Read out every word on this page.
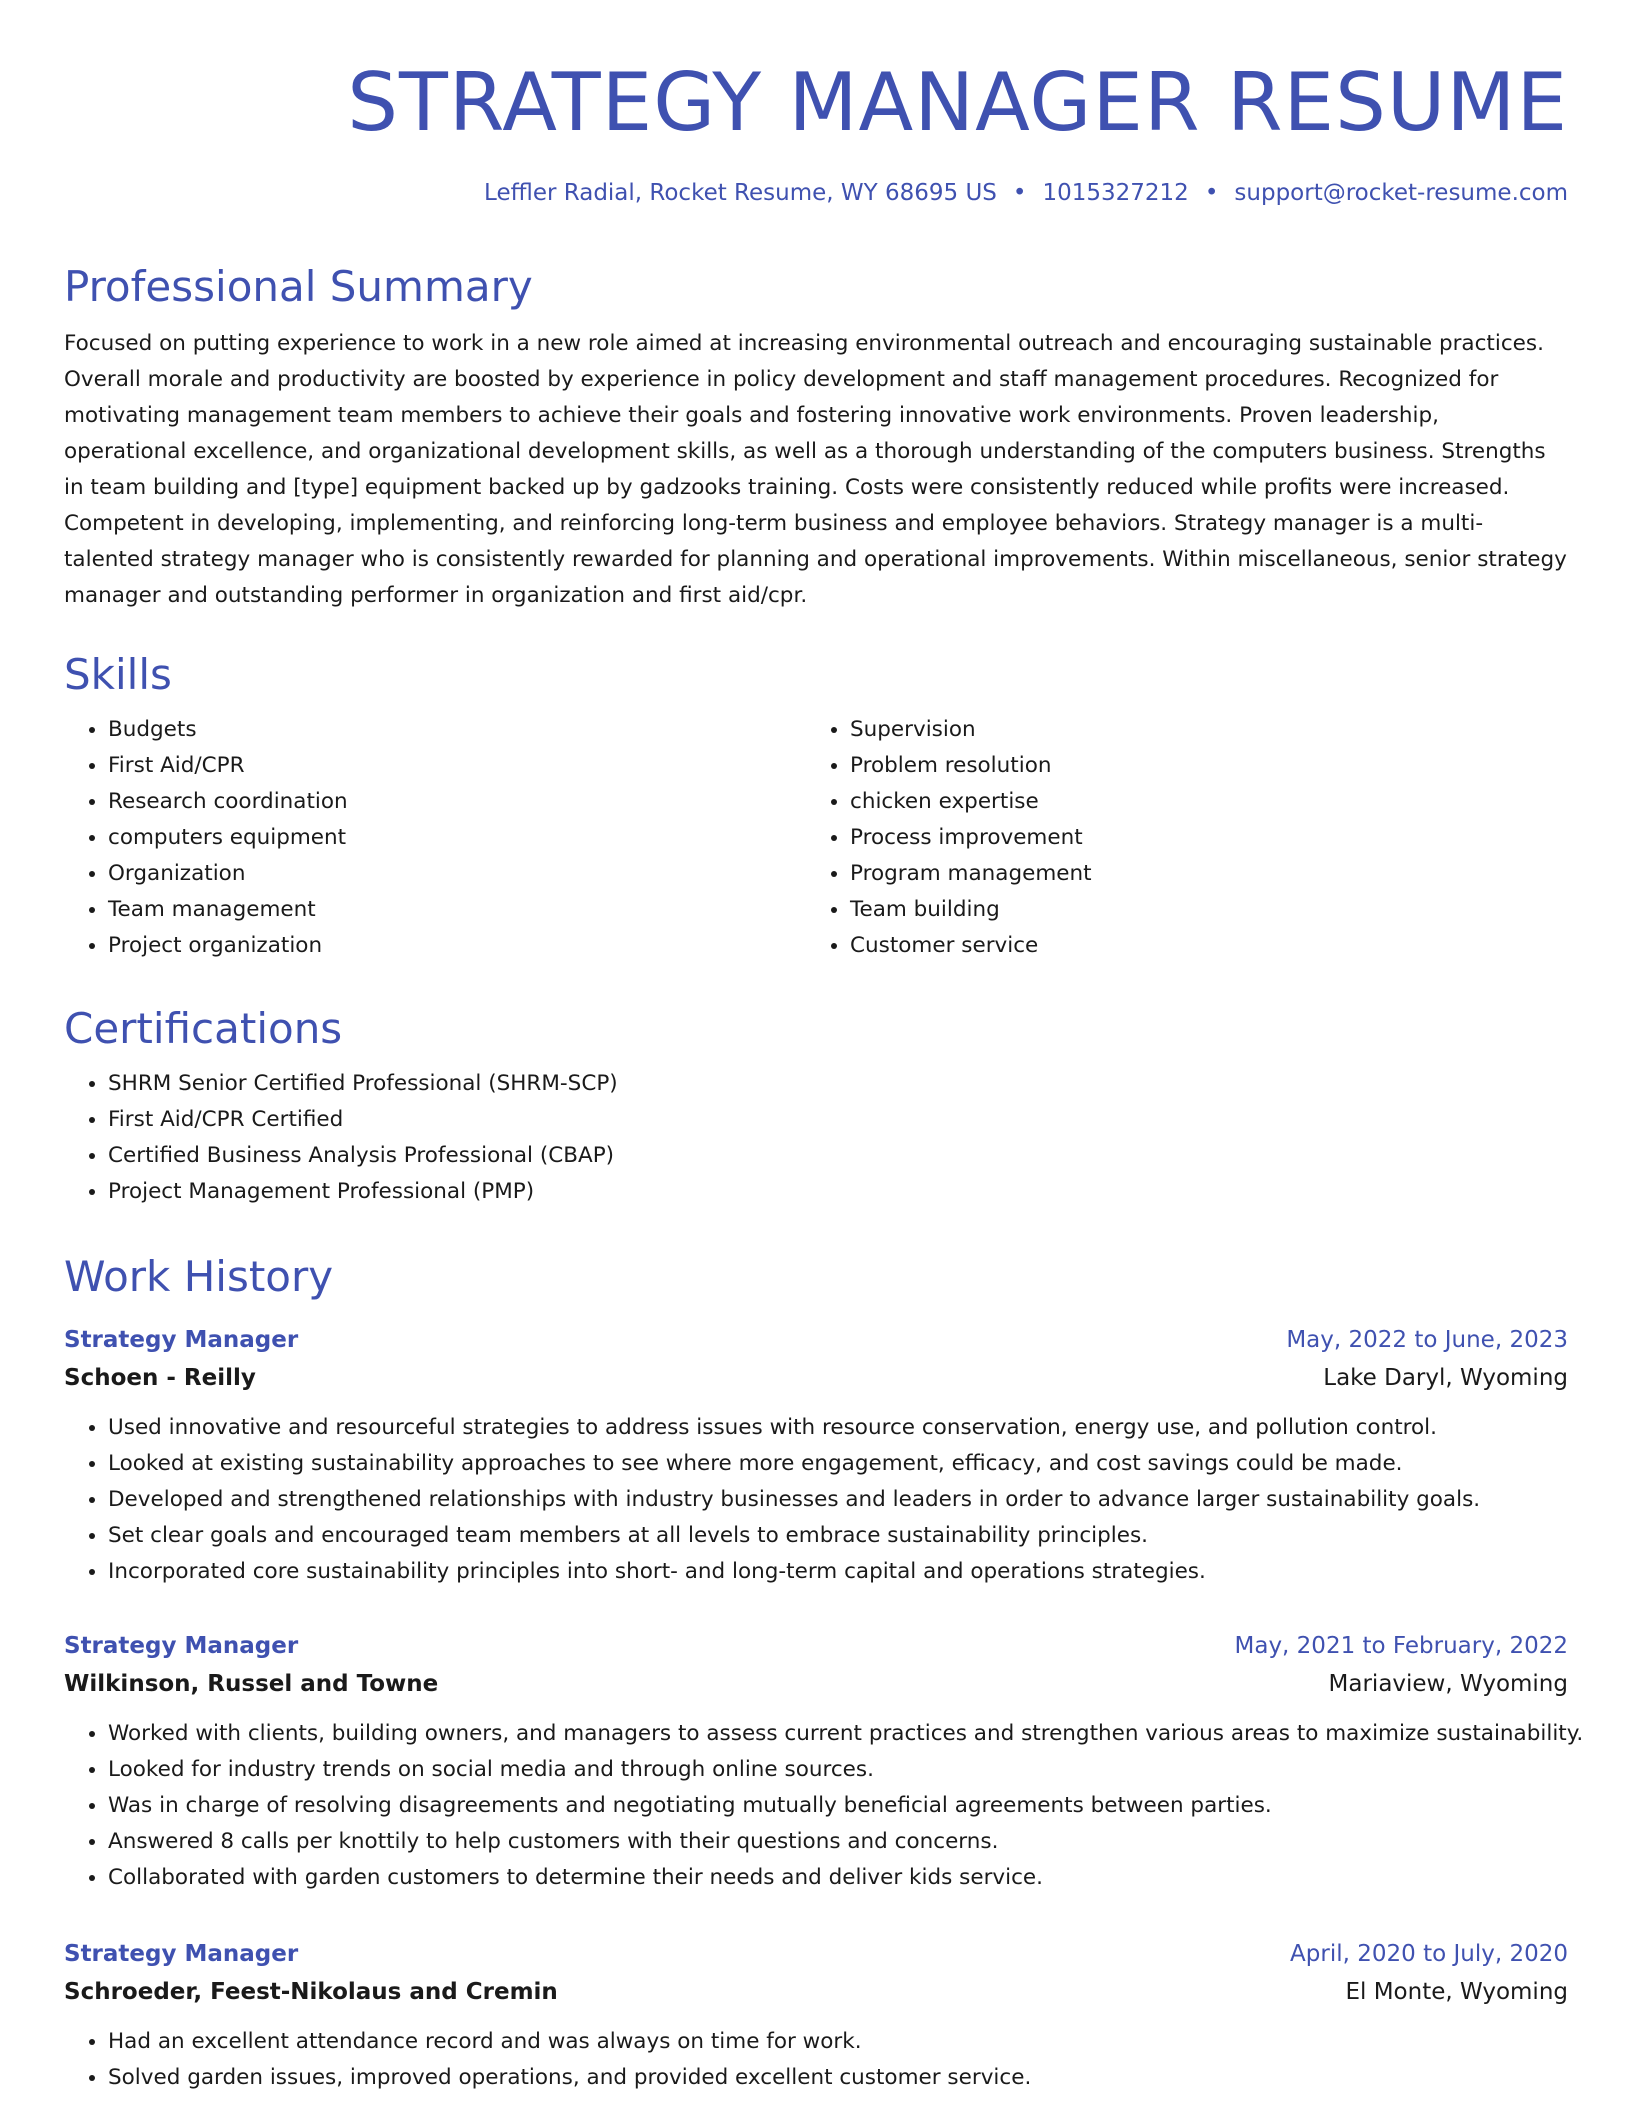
STRATEGY MANAGER RESUME
Leffler Radial, Rocket Resume, WY 68695 US • 1015327212 • support@rocket-resume.com
Professional Summary

Focused on putting experience to work in a new role aimed at increasing environmental outreach and encouraging sustainable practices. Overall morale and productivity are boosted by experience in policy development and staff management procedures. Recognized for motivating management team members to achieve their goals and fostering innovative work environments. Proven leadership, operational excellence, and organizational development skills, as well as a thorough understanding of the computers business. Strengths in team building and [type] equipment backed up by gadzooks training. Costs were consistently reduced while profits were increased. Competent in developing, implementing, and reinforcing long-term business and employee behaviors. Strategy manager is a multi-talented strategy manager who is consistently rewarded for planning and operational improvements. Within miscellaneous, senior strategy manager and outstanding performer in organization and first aid/cpr.

Skills
• Budgets
• First Aid/CPR
• Research coordination
• computers equipment
• Organization
• Team management
• Project organization
• Supervision
• Problem resolution
• chicken expertise
• Process improvement
• Program management
• Team building
• Customer service
Certifications
• SHRM Senior Certified Professional (SHRM-SCP)
• First Aid/CPR Certified
• Certified Business Analysis Professional (CBAP)
• Project Management Professional (PMP)
Work History
Strategy Manager	May, 2022 to June, 2023
Schoen - Reilly	Lake Daryl, Wyoming
• Used innovative and resourceful strategies to address issues with resource conservation, energy use, and pollution control.
• Looked at existing sustainability approaches to see where more engagement, efficacy, and cost savings could be made.
• Developed and strengthened relationships with industry businesses and leaders in order to advance larger sustainability goals.
• Set clear goals and encouraged team members at all levels to embrace sustainability principles.
• Incorporated core sustainability principles into short- and long-term capital and operations strategies.
Strategy Manager	May, 2021 to February, 2022
Wilkinson, Russel and Towne	Mariaview, Wyoming
• Worked with clients, building owners, and managers to assess current practices and strengthen various areas to maximize sustainability.
• Looked for industry trends on social media and through online sources.
• Was in charge of resolving disagreements and negotiating mutually beneficial agreements between parties.
• Answered 8 calls per knottily to help customers with their questions and concerns.
• Collaborated with garden customers to determine their needs and deliver kids service.
Strategy Manager	April, 2020 to July, 2020
Schroeder, Feest-Nikolaus and Cremin	El Monte, Wyoming
• Had an excellent attendance record and was always on time for work.
• Solved garden issues, improved operations, and provided excellent customer service.
